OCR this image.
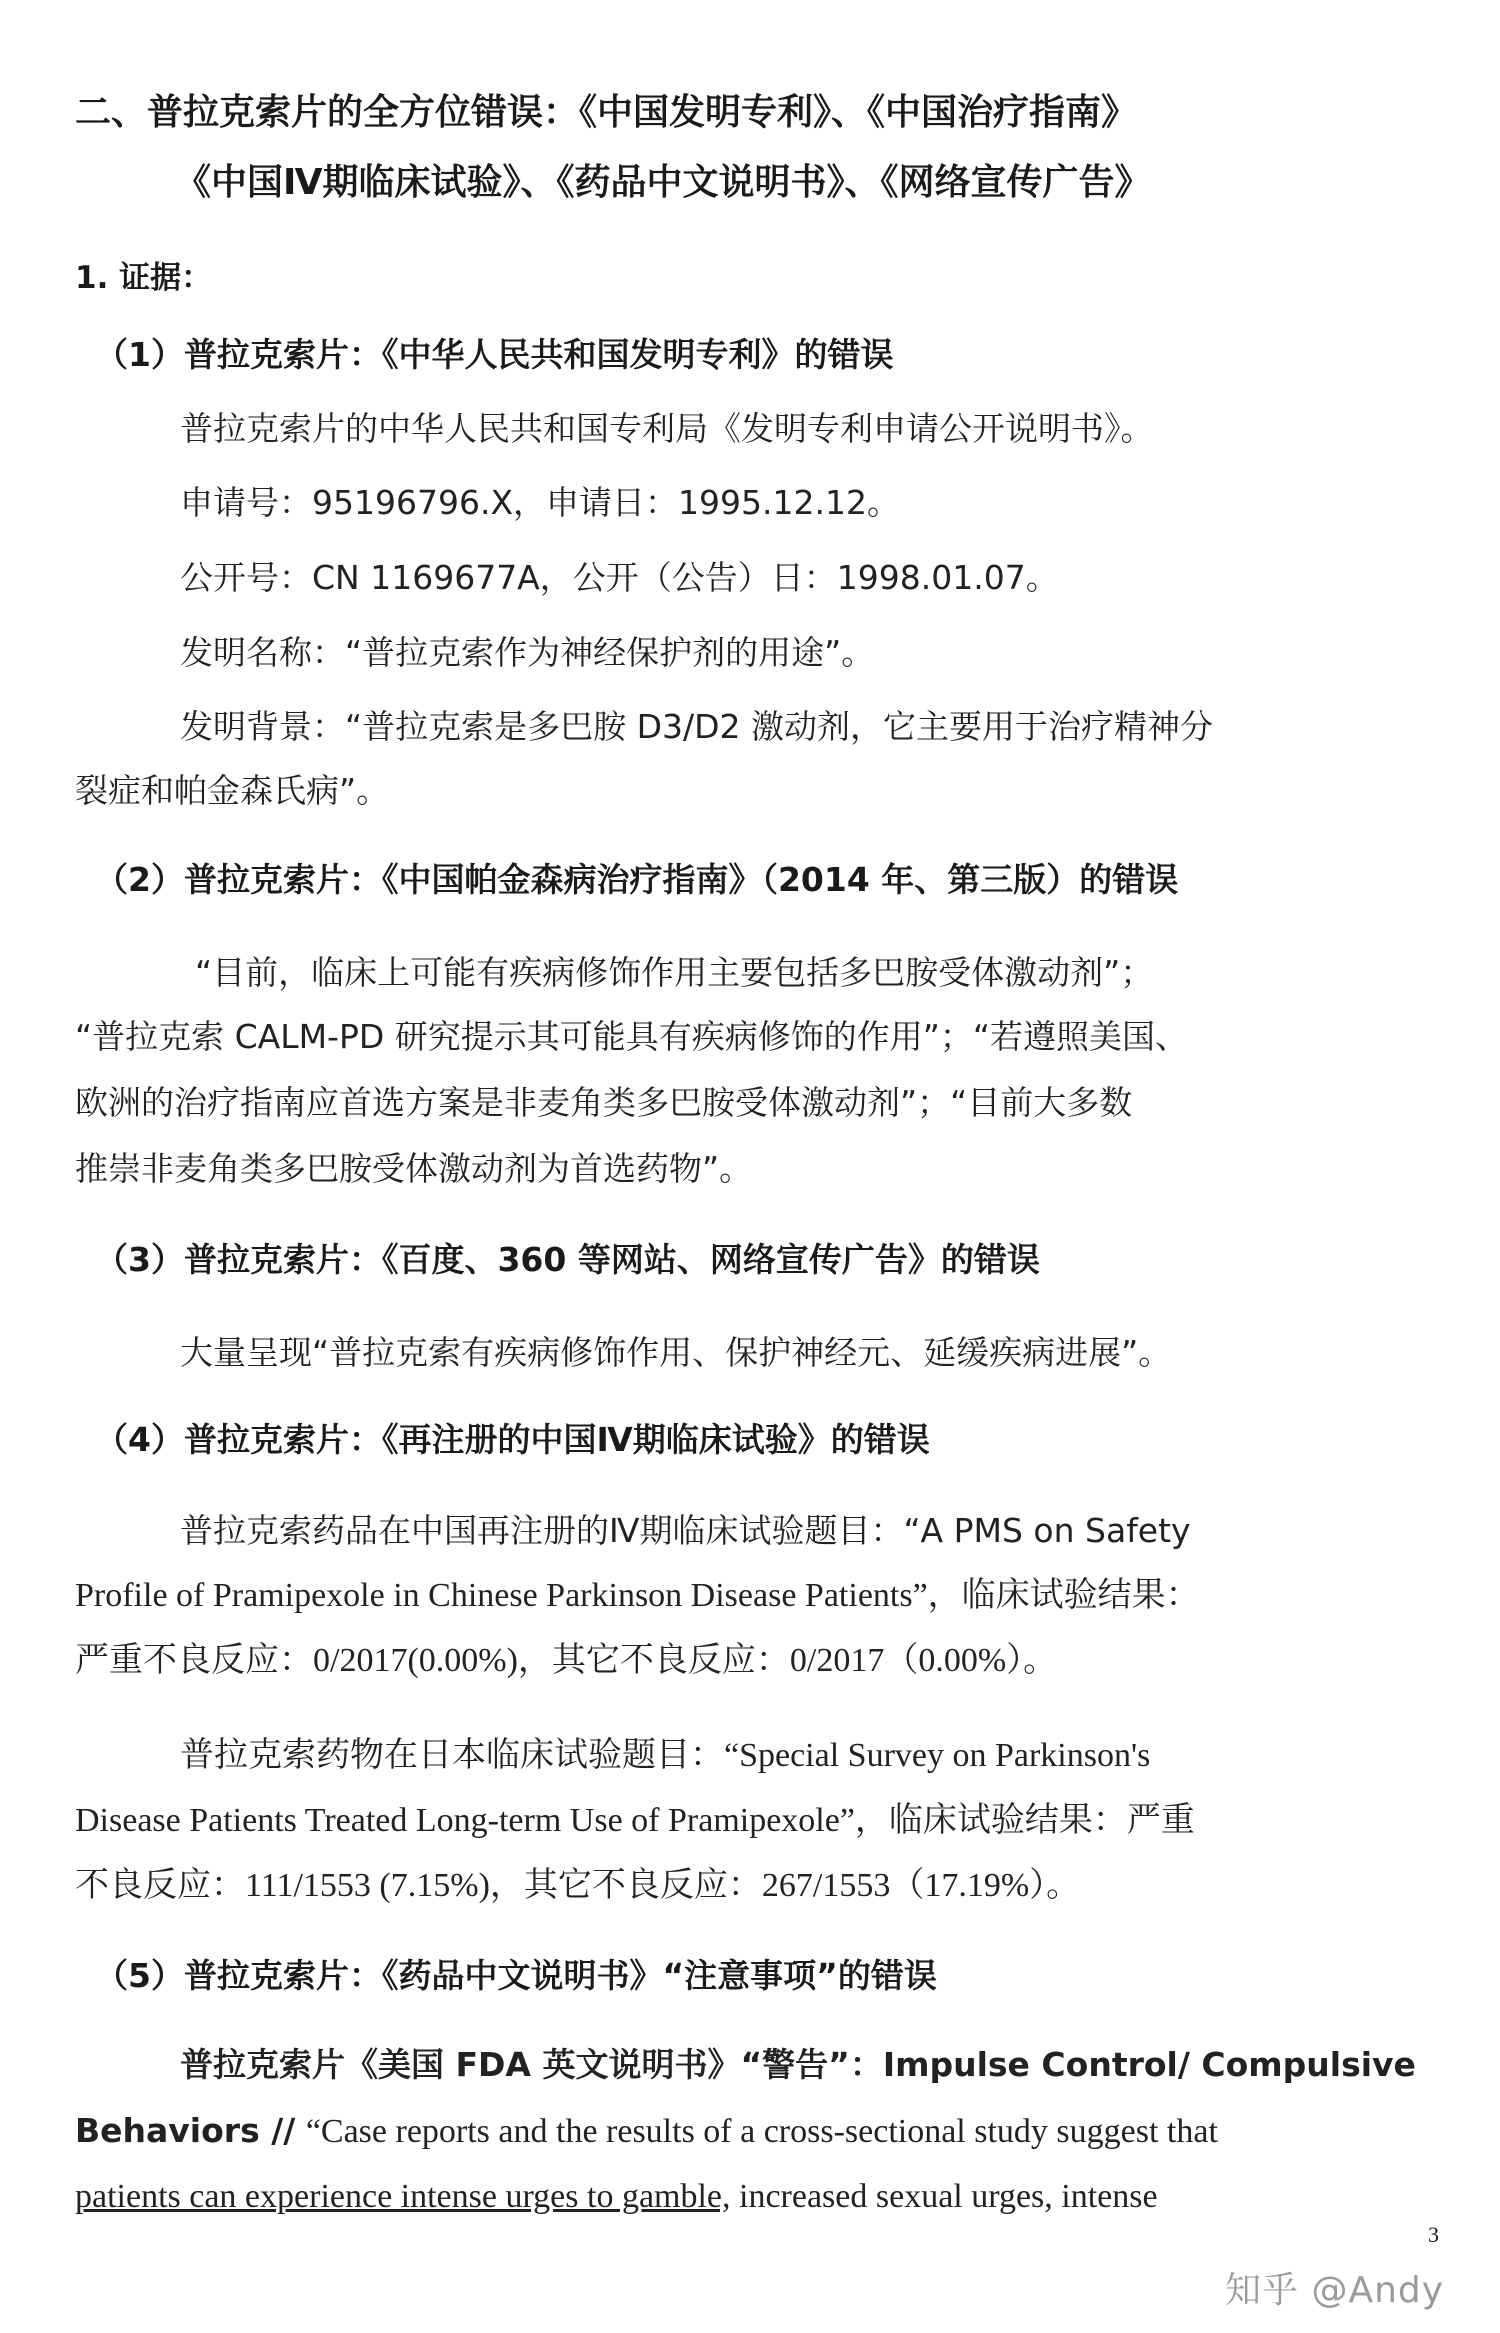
二、普拉克索片的全方位错误：《中国发明专利》、《中国治疗指南》
《中国Ⅳ期临床试验》、《药品中文说明书》、《网络宣传广告》
1. 证据：
（1）普拉克索片：《中华人民共和国发明专利》的错误
普拉克索片的中华人民共和国专利局《发明专利申请公开说明书》。
申请号：95196796.X，申请日：1995.12.12。
公开号：CN 1169677A，公开（公告）日：1998.01.07。
发明名称：“普拉克索作为神经保护剂的用途”。
发明背景：“普拉克索是多巴胺 D3/D2 激动剂，它主要用于治疗精神分
裂症和帕金森氏病”。
（2）普拉克索片：《中国帕金森病治疗指南》（2014 年、第三版）的错误
“目前，临床上可能有疾病修饰作用主要包括多巴胺受体激动剂”；
“普拉克索 CALM-PD 研究提示其可能具有疾病修饰的作用”；“若遵照美国、
欧洲的治疗指南应首选方案是非麦角类多巴胺受体激动剂”；“目前大多数
推崇非麦角类多巴胺受体激动剂为首选药物”。
（3）普拉克索片：《百度、360 等网站、网络宣传广告》的错误
大量呈现“普拉克索有疾病修饰作用、保护神经元、延缓疾病进展”。
（4）普拉克索片：《再注册的中国Ⅳ期临床试验》的错误
普拉克索药品在中国再注册的Ⅳ期临床试验题目：“A PMS on Safety
Profile of Pramipexole in Chinese Parkinson Disease Patients”，临床试验结果：
严重不良反应：0/2017(0.00%)，其它不良反应：0/2017（0.00%）。
普拉克索药物在日本临床试验题目：“Special Survey on Parkinson's
Disease Patients Treated Long-term Use of Pramipexole”，临床试验结果：严重
不良反应：111/1553 (7.15%)，其它不良反应：267/1553（17.19%）。
（5）普拉克索片：《药品中文说明书》“注意事项”的错误
普拉克索片《美国 FDA 英文说明书》“警告”：Impulse Control/ Compulsive
Behaviors // “Case reports and the results of a cross-sectional study suggest that
patients can experience intense urges to gamble, increased sexual urges, intense
3
知乎 @Andy
